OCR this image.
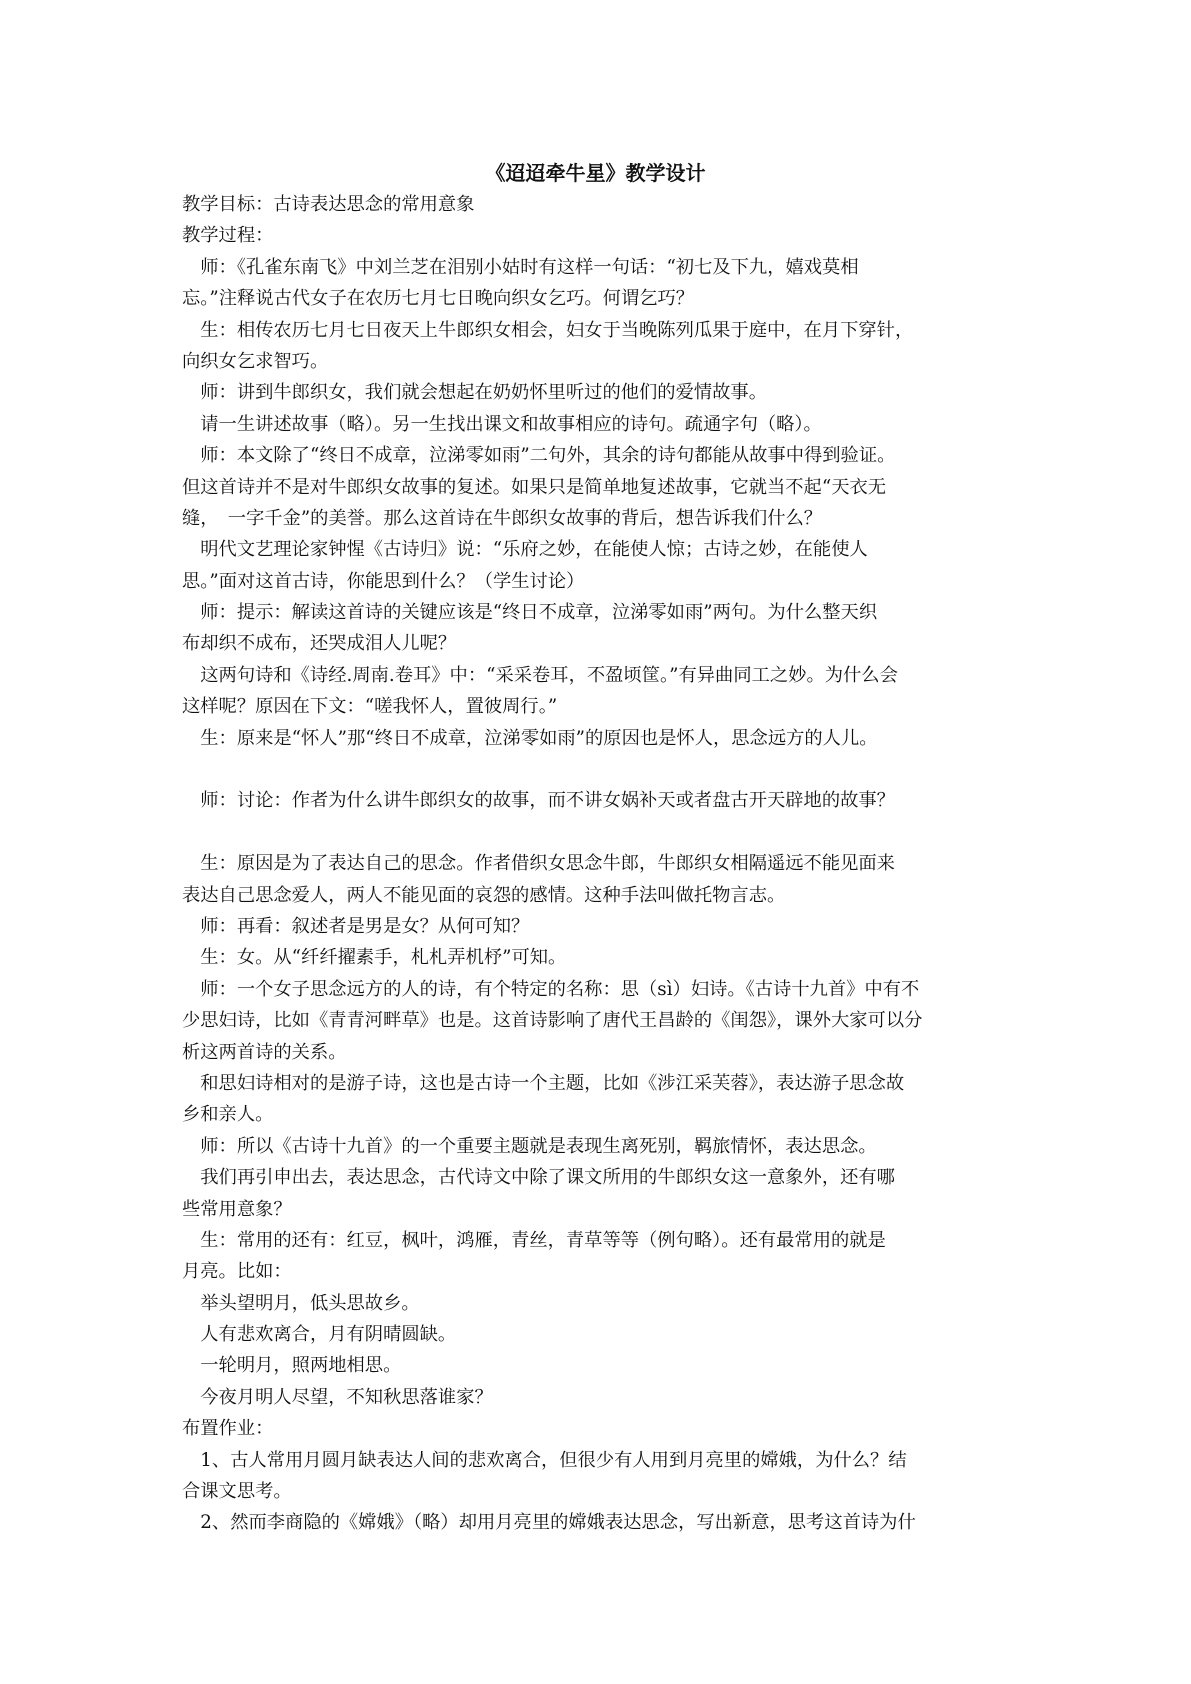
《迢迢牵牛星》教学设计
教学目标：古诗表达思念的常用意象
教学过程：
　师：《孔雀东南飞》中刘兰芝在泪别小姑时有这样一句话：“初七及下九，嬉戏莫相
忘。”注释说古代女子在农历七月七日晚向织女乞巧。何谓乞巧？
　生：相传农历七月七日夜天上牛郎织女相会，妇女于当晚陈列瓜果于庭中，在月下穿针，
向织女乞求智巧。
　师：讲到牛郎织女，我们就会想起在奶奶怀里听过的他们的爱情故事。
　请一生讲述故事（略）。另一生找出课文和故事相应的诗句。疏通字句（略）。
　师：本文除了“终日不成章，泣涕零如雨”二句外，其余的诗句都能从故事中得到验证。
但这首诗并不是对牛郎织女故事的复述。如果只是简单地复述故事，它就当不起“天衣无
缝，　一字千金”的美誉。那么这首诗在牛郎织女故事的背后，想告诉我们什么？
　明代文艺理论家钟惺《古诗归》说：“乐府之妙，在能使人惊；古诗之妙，在能使人
思。”面对这首古诗，你能思到什么？（学生讨论）
　师：提示：解读这首诗的关键应该是“终日不成章，泣涕零如雨”两句。为什么整天织
布却织不成布，还哭成泪人儿呢？
　这两句诗和《诗经.周南.卷耳》中：“采采卷耳，不盈顷筐。”有异曲同工之妙。为什么会
这样呢？原因在下文：“嗟我怀人，置彼周行。”
　生：原来是“怀人”那“终日不成章，泣涕零如雨”的原因也是怀人，思念远方的人儿。
　师：讨论：作者为什么讲牛郎织女的故事，而不讲女娲补天或者盘古开天辟地的故事？
　生：原因是为了表达自己的思念。作者借织女思念牛郎，牛郎织女相隔遥远不能见面来
表达自己思念爱人，两人不能见面的哀怨的感情。这种手法叫做托物言志。
　师：再看：叙述者是男是女？从何可知？
　生：女。从“纤纤擢素手，札札弄机杼”可知。
　师：一个女子思念远方的人的诗，有个特定的名称：思（sì）妇诗。《古诗十九首》中有不
少思妇诗，比如《青青河畔草》也是。这首诗影响了唐代王昌龄的《闺怨》，课外大家可以分
析这两首诗的关系。
　和思妇诗相对的是游子诗，这也是古诗一个主题，比如《涉江采芙蓉》，表达游子思念故
乡和亲人。
　师：所以《古诗十九首》的一个重要主题就是表现生离死别，羁旅情怀，表达思念。
　我们再引申出去，表达思念，古代诗文中除了课文所用的牛郎织女这一意象外，还有哪
些常用意象？
　生：常用的还有：红豆，枫叶，鸿雁，青丝，青草等等（例句略）。还有最常用的就是
月亮。比如：
　举头望明月，低头思故乡。
　人有悲欢离合，月有阴晴圆缺。
　一轮明月，照两地相思。
　今夜月明人尽望，不知秋思落谁家？
布置作业：
　1、古人常用月圆月缺表达人间的悲欢离合，但很少有人用到月亮里的嫦娥，为什么？结
合课文思考。
　2、然而李商隐的《嫦娥》（略）却用月亮里的嫦娥表达思念，写出新意，思考这首诗为什
